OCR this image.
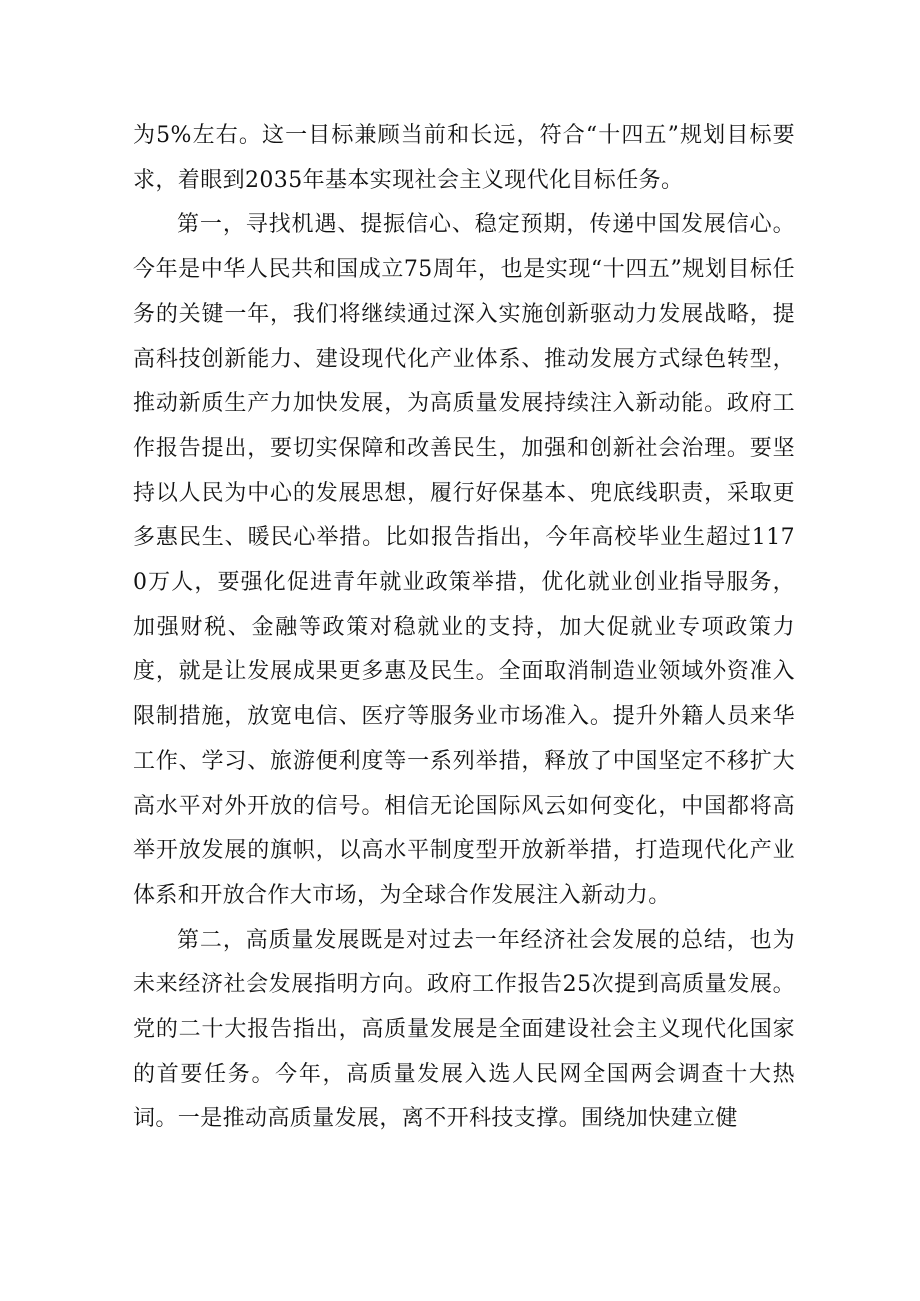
为5%左右。这一目标兼顾当前和长远，符合“十四五”规划目标要求，着眼到2035年基本实现社会主义现代化目标任务。

第一，寻找机遇、提振信心、稳定预期，传递中国发展信心。今年是中华人民共和国成立75周年，也是实现“十四五”规划目标任务的关键一年，我们将继续通过深入实施创新驱动力发展战略，提高科技创新能力、建设现代化产业体系、推动发展方式绿色转型，推动新质生产力加快发展，为高质量发展持续注入新动能。政府工作报告提出，要切实保障和改善民生，加强和创新社会治理。要坚持以人民为中心的发展思想，履行好保基本、兜底线职责，采取更多惠民生、暖民心举措。比如报告指出，今年高校毕业生超过1170万人，要强化促进青年就业政策举措，优化就业创业指导服务，加强财税、金融等政策对稳就业的支持，加大促就业专项政策力度，就是让发展成果更多惠及民生。全面取消制造业领域外资准入限制措施，放宽电信、医疗等服务业市场准入。提升外籍人员来华工作、学习、旅游便利度等一系列举措，释放了中国坚定不移扩大高水平对外开放的信号。相信无论国际风云如何变化，中国都将高举开放发展的旗帜，以高水平制度型开放新举措，打造现代化产业体系和开放合作大市场，为全球合作发展注入新动力。

第二，高质量发展既是对过去一年经济社会发展的总结，也为未来经济社会发展指明方向。政府工作报告25次提到高质量发展。党的二十大报告指出，高质量发展是全面建设社会主义现代化国家的首要任务。今年，高质量发展入选人民网全国两会调查十大热词。一是推动高质量发展，离不开科技支撑。围绕加快建立健
